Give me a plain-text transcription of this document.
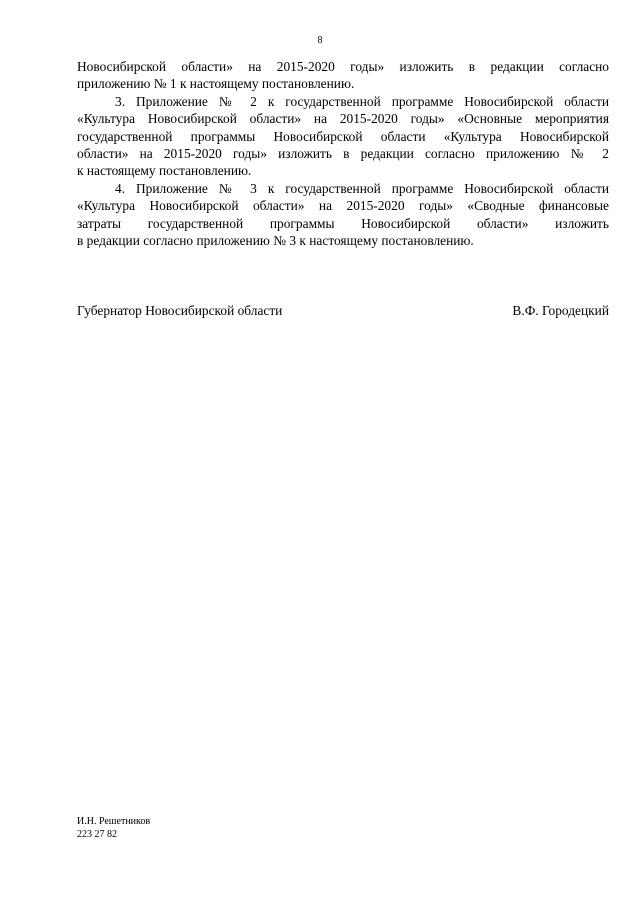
8

Новосибирской области» на 2015-2020 годы» изложить в редакции согласно
приложению № 1 к настоящему постановлению.

3. Приложение № 2 к государственной программе Новосибирской области
«Культура Новосибирской области» на 2015-2020 годы» «Основные мероприятия
государственной программы Новосибирской области «Культура Новосибирской
области» на 2015-2020 годы» изложить в редакции согласно приложению № 2
к настоящему постановлению.

4. Приложение № 3 к государственной программе Новосибирской области
«Культура Новосибирской области» на 2015-2020 годы» «Сводные финансовые
затраты государственной программы Новосибирской области» изложить
в редакции согласно приложению № 3 к настоящему постановлению.

Губернатор Новосибирской области	В.Ф. Городецкий
И.Н. Решетников
223 27 82
